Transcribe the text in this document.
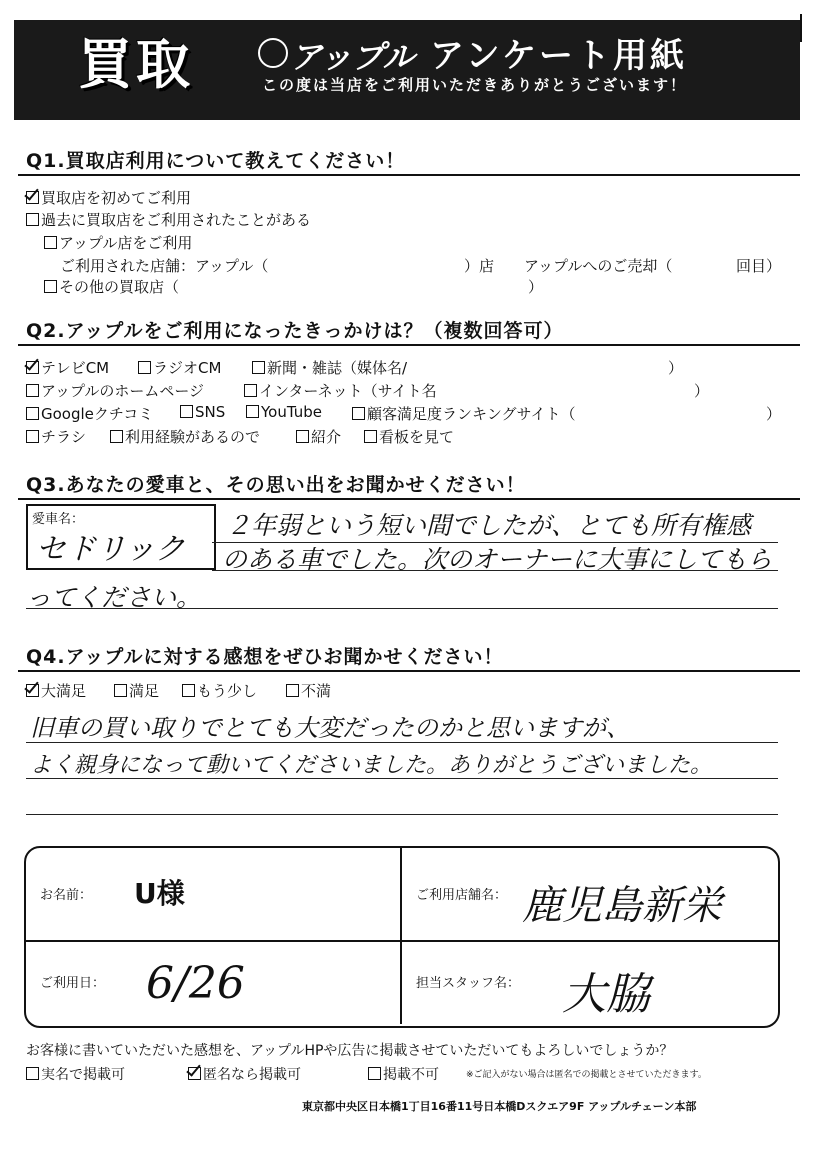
買取	アップル アンケート用紙
この度は当店をご利用いただきありがとうございます！
Q1.買取店利用について教えてください！
買取店を初めてご利用
過去に買取店をご利用されたことがある
アップル店をご利用
ご利用された店舗：アップル（	）店 アップルへのご売却（	回目）
その他の買取店（	）
Q2.アップルをご利用になったきっかけは？（複数回答可）
テレビCM	ラジオCM	新聞・雑誌（媒体名/	）
アップルのホームページ	インターネット（サイト名	）
Googleクチコミ	SNS	YouTube	顧客満足度ランキングサイト（	）
チラシ	利用経験があるので	紹介	看板を見て
Q3.あなたの愛車と、その思い出をお聞かせください！
愛車名：
セドリック
２年弱という短い間でしたが、とても所有権感
のある車でした。次のオーナーに大事にしてもら
ってください。
Q4.アップルに対する感想をぜひお聞かせください！
大満足	満足	もう少し	不満
旧車の買い取りでとても大変だったのかと思いますが、
よく親身になって動いてくださいました。ありがとうございました。
お名前： U様	ご利用店舗名： 鹿児島新栄
ご利用日： 6/26	担当スタッフ名： 大脇
お客様に書いていただいた感想を、アップルHPや広告に掲載させていただいてもよろしいでしょうか？
実名で掲載可	匿名なら掲載可	掲載不可	※ご記入がない場合は匿名での掲載とさせていただきます。
東京都中央区日本橋1丁目16番11号日本橋Dスクエア9F アップルチェーン本部
